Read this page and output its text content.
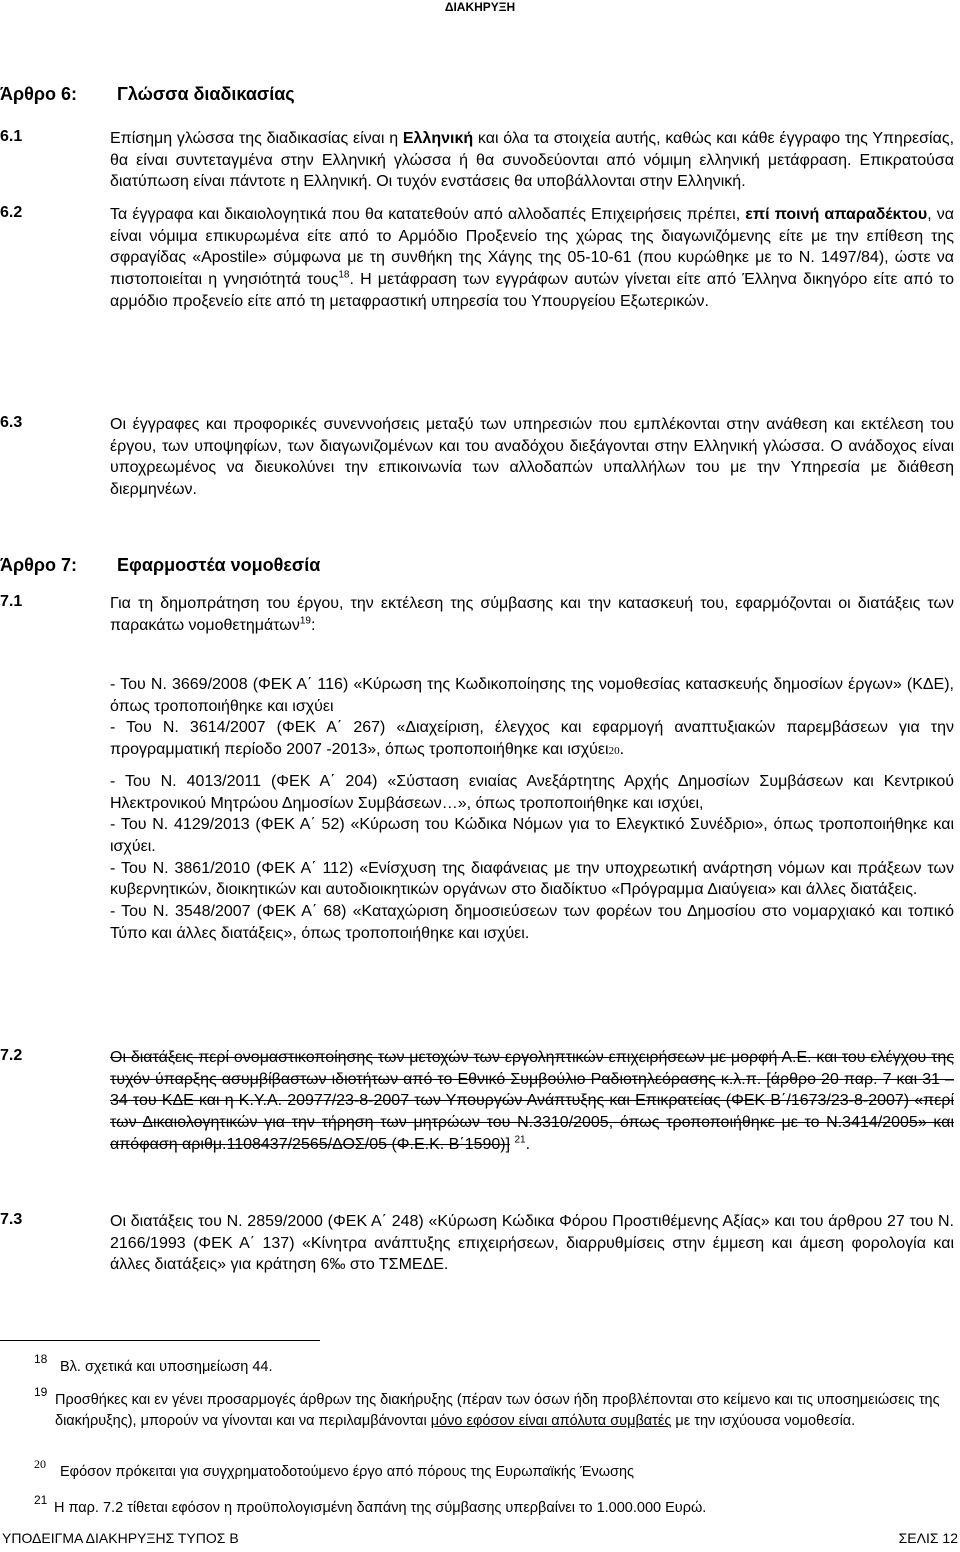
ΔΙΑΚΗΡΥΞΗ
Άρθρο 6: Γλώσσα διαδικασίας
6.1	Επίσημη γλώσσα της διαδικασίας είναι η Ελληνική και όλα τα στοιχεία αυτής, καθώς και κάθε έγγραφο της Υπηρεσίας, θα είναι συντεταγμένα στην Ελληνική γλώσσα ή θα συνοδεύονται από νόμιμη ελληνική μετάφραση. Επικρατούσα διατύπωση είναι πάντοτε η Ελληνική. Οι τυχόν ενστάσεις θα υποβάλλονται στην Ελληνική.
6.2	Τα έγγραφα και δικαιολογητικά που θα κατατεθούν από αλλοδαπές Επιχειρήσεις πρέπει, επί ποινή απαραδέκτου, να είναι νόμιμα επικυρωμένα είτε από το Αρμόδιο Προξενείο της χώρας της διαγωνιζόμενης είτε με την επίθεση της σφραγίδας «Apostile» σύμφωνα με τη συνθήκη της Χάγης της 05-10-61 (που κυρώθηκε με το Ν. 1497/84), ώστε να πιστοποιείται η γνησιότητά τους$^{18}$. Η μετάφραση των εγγράφων αυτών γίνεται είτε από Έλληνα δικηγόρο είτε από το αρμόδιο προξενείο είτε από τη μεταφραστική υπηρεσία του Υπουργείου Εξωτερικών.
6.3	Οι έγγραφες και προφορικές συνεννοήσεις μεταξύ των υπηρεσιών που εμπλέκονται στην ανάθεση και εκτέλεση του έργου, των υποψηφίων, των διαγωνιζομένων και του αναδόχου διεξάγονται στην Ελληνική γλώσσα. Ο ανάδοχος είναι υποχρεωμένος να διευκολύνει την επικοινωνία των αλλοδαπών υπαλλήλων του με την Υπηρεσία με διάθεση διερμηνέων.
Άρθρο 7: Εφαρμοστέα νομοθεσία
7.1	Για τη δημοπράτηση του έργου, την εκτέλεση της σύμβασης και την κατασκευή του, εφαρμόζονται οι διατάξεις των παρακάτω νομοθετημάτων$^{19}$:
- Του Ν. 3669/2008 (ΦΕΚ Α΄ 116) «Κύρωση της Κωδικοποίησης της νομοθεσίας κατασκευής δημοσίων έργων» (ΚΔΕ), όπως τροποποιήθηκε και ισχύει
- Του Ν. 3614/2007 (ΦΕΚ Α΄ 267) «Διαχείριση, έλεγχος και εφαρμογή αναπτυξιακών παρεμβάσεων για την προγραμματική περίοδο 2007 -2013», όπως τροποποιήθηκε και ισχύει20.
- Του Ν. 4013/2011 (ΦΕΚ Α΄ 204) «Σύσταση ενιαίας Ανεξάρτητης Αρχής Δημοσίων Συμβάσεων και Κεντρικού Ηλεκτρονικού Μητρώου Δημοσίων Συμβάσεων…», όπως τροποποιήθηκε και ισχύει,
- Του Ν. 4129/2013 (ΦΕΚ Α΄ 52) «Κύρωση του Κώδικα Νόμων για το Ελεγκτικό Συνέδριο», όπως τροποποιήθηκε και ισχύει.
- Του Ν. 3861/2010 (ΦΕΚ Α΄ 112) «Ενίσχυση της διαφάνειας με την υποχρεωτική ανάρτηση νόμων και πράξεων των κυβερνητικών, διοικητικών και αυτοδιοικητικών οργάνων στο διαδίκτυο «Πρόγραμμα Διαύγεια» και άλλες διατάξεις.
- Του Ν. 3548/2007 (ΦΕΚ Α΄ 68) «Καταχώριση δημοσιεύσεων των φορέων του Δημοσίου στο νομαρχιακό και τοπικό Τύπο και άλλες διατάξεις», όπως τροποποιήθηκε και ισχύει.
7.2	Οι διατάξεις περί ονομαστικοποίησης των μετοχών των εργοληπτικών επιχειρήσεων με μορφή Α.Ε. και του ελέγχου της τυχόν ύπαρξης ασυμβίβαστων ιδιοτήτων από το Εθνικό Συμβούλιο Ραδιοτηλεόρασης κ.λ.π. [άρθρο 20 παρ. 7 και 31 – 34 του ΚΔΕ και η Κ.Υ.Α. 20977/23-8-2007 των Υπουργών Ανάπτυξης και Επικρατείας (ΦΕΚ Β΄/1673/23-8-2007) «περί των Δικαιολογητικών για την τήρηση των μητρώων του Ν.3310/2005, όπως τροποποιήθηκε με το Ν.3414/2005» και απόφαση αριθμ.1108437/2565/ΔΟΣ/05 (Φ.Ε.Κ. Β΄1590)] $^{21}$.
7.3	Οι διατάξεις του Ν. 2859/2000 (ΦΕΚ Α΄ 248) «Κύρωση Κώδικα Φόρου Προστιθέμενης Αξίας» και του άρθρου 27 του Ν. 2166/1993 (ΦΕΚ Α΄ 137) «Κίνητρα ανάπτυξης επιχειρήσεων, διαρρυθμίσεις στην έμμεση και άμεση φορολογία και άλλες διατάξεις» για κράτηση 6‰ στο ΤΣΜΕΔΕ.
18 Βλ. σχετικά και υποσημείωση 44.
19 Προσθήκες και εν γένει προσαρμογές άρθρων της διακήρυξης (πέραν των όσων ήδη προβλέπονται στο κείμενο και τις υποσημειώσεις της διακήρυξης), μπορούν να γίνονται και να περιλαμβάνονται μόνο εφόσον είναι απόλυτα συμβατές με την ισχύουσα νομοθεσία.
20 Εφόσον πρόκειται για συγχρηματοδοτούμενο έργο από πόρους της Ευρωπαϊκής Ένωσης
21 Η παρ. 7.2 τίθεται εφόσον η προϋπολογισμένη δαπάνη της σύμβασης υπερβαίνει το 1.000.000 Ευρώ.
ΥΠΟΔΕΙΓΜΑ ΔΙΑΚΗΡΥΞΗΣ ΤΥΠΟΣ Β	ΣΕΛΙΣ 12
